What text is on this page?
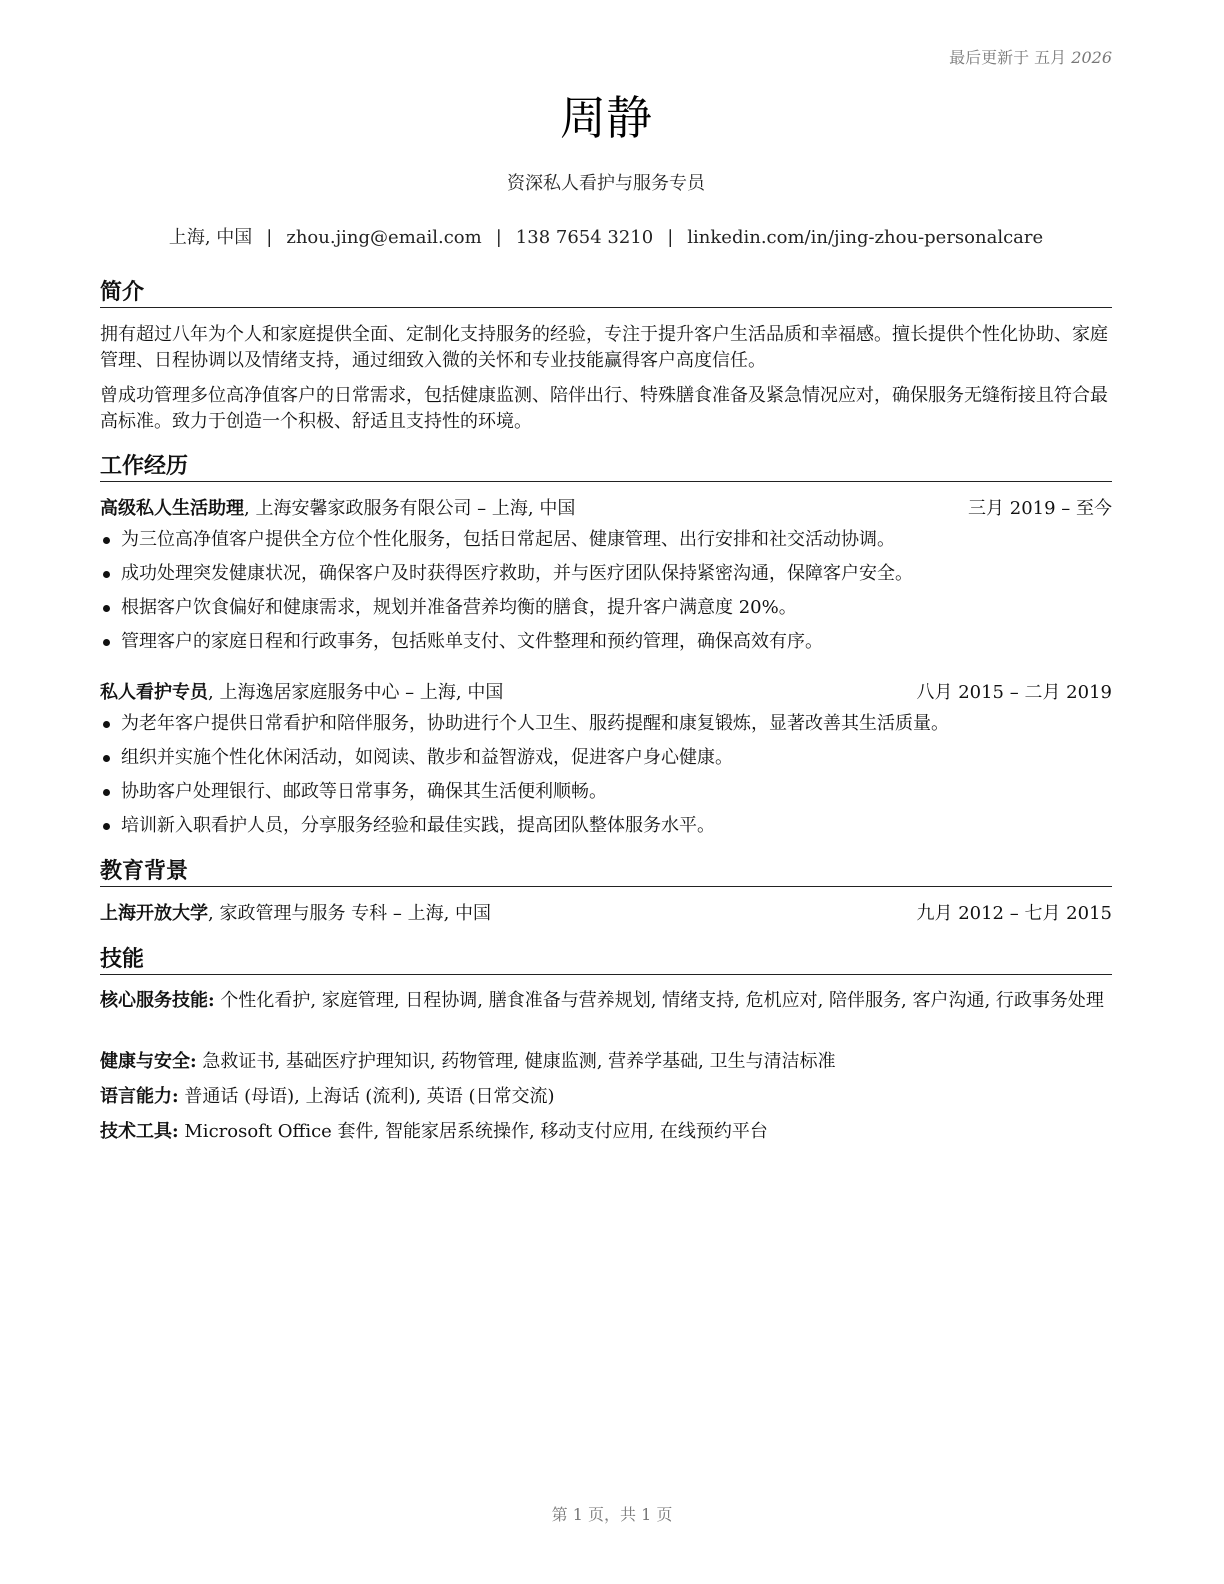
最后更新于 五月 2026
周静
资深私人看护与服务专员
上海, 中国 | zhou.jing@email.com | 138 7654 3210 | linkedin.com/in/jing-zhou-personalcare
简介
拥有超过八年为个人和家庭提供全面、定制化支持服务的经验，专注于提升客户生活品质和幸福感。擅长提供个性化协助、家庭管理、日程协调以及情绪支持，通过细致入微的关怀和专业技能赢得客户高度信任。
曾成功管理多位高净值客户的日常需求，包括健康监测、陪伴出行、特殊膳食准备及紧急情况应对，确保服务无缝衔接且符合最高标准。致力于创造一个积极、舒适且支持性的环境。
工作经历
高级私人生活助理, 上海安馨家政服务有限公司 – 上海, 中国	三月 2019 – 至今
为三位高净值客户提供全方位个性化服务，包括日常起居、健康管理、出行安排和社交活动协调。
成功处理突发健康状况，确保客户及时获得医疗救助，并与医疗团队保持紧密沟通，保障客户安全。
根据客户饮食偏好和健康需求，规划并准备营养均衡的膳食，提升客户满意度 20%。
管理客户的家庭日程和行政事务，包括账单支付、文件整理和预约管理，确保高效有序。
私人看护专员, 上海逸居家庭服务中心 – 上海, 中国	八月 2015 – 二月 2019
为老年客户提供日常看护和陪伴服务，协助进行个人卫生、服药提醒和康复锻炼，显著改善其生活质量。
组织并实施个性化休闲活动，如阅读、散步和益智游戏，促进客户身心健康。
协助客户处理银行、邮政等日常事务，确保其生活便利顺畅。
培训新入职看护人员，分享服务经验和最佳实践，提高团队整体服务水平。
教育背景
上海开放大学, 家政管理与服务 专科 – 上海, 中国	九月 2012 – 七月 2015
技能
核心服务技能: 个性化看护, 家庭管理, 日程协调, 膳食准备与营养规划, 情绪支持, 危机应对, 陪伴服务, 客户沟通, 行政事务处理
健康与安全: 急救证书, 基础医疗护理知识, 药物管理, 健康监测, 营养学基础, 卫生与清洁标准
语言能力: 普通话 (母语), 上海话 (流利), 英语 (日常交流)
技术工具: Microsoft Office 套件, 智能家居系统操作, 移动支付应用, 在线预约平台
第 1 页，共 1 页
